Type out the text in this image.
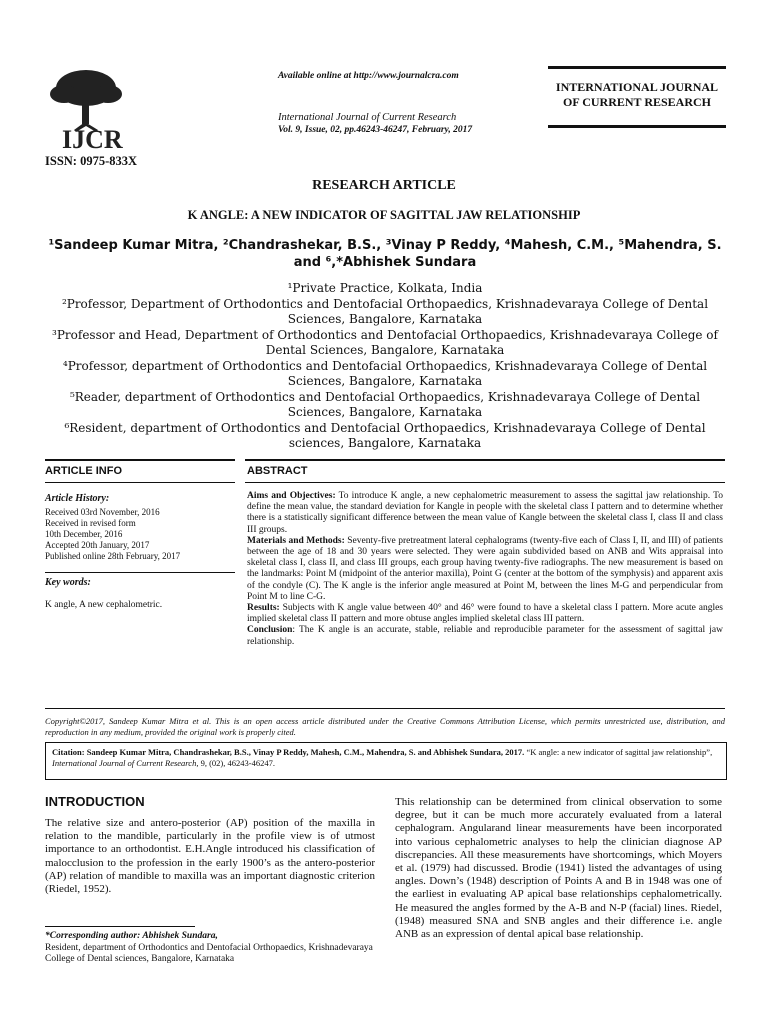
IJCR
Available online at http://www.journalcra.com
International Journal of Current Research
Vol. 9, Issue, 02, pp.46243-46247, February, 2017
INTERNATIONAL JOURNAL OF CURRENT RESEARCH
ISSN: 0975-833X
RESEARCH ARTICLE
K ANGLE: A NEW INDICATOR OF SAGITTAL JAW RELATIONSHIP
¹Sandeep Kumar Mitra, ²Chandrashekar, B.S., ³Vinay P Reddy, ⁴Mahesh, C.M., ⁵Mahendra, S. and ⁶,*Abhishek Sundara
¹Private Practice, Kolkata, India
²Professor, Department of Orthodontics and Dentofacial Orthopaedics, Krishnadevaraya College of Dental Sciences, Bangalore, Karnataka
³Professor and Head, Department of Orthodontics and Dentofacial Orthopaedics, Krishnadevaraya College of Dental Sciences, Bangalore, Karnataka
⁴Professor, department of Orthodontics and Dentofacial Orthopaedics, Krishnadevaraya College of Dental Sciences, Bangalore, Karnataka
⁵Reader, department of Orthodontics and Dentofacial Orthopaedics, Krishnadevaraya College of Dental Sciences, Bangalore, Karnataka
⁶Resident, department of Orthodontics and Dentofacial Orthopaedics, Krishnadevaraya College of Dental sciences, Bangalore, Karnataka
ARTICLE INFO	ABSTRACT
Article History:
Received 03rd November, 2016
Received in revised form
10th December, 2016
Accepted 20th January, 2017
Published online 28th February, 2017
Key words:
K angle, A new cephalometric.

Aims and Objectives: To introduce K angle, a new cephalometric measurement to assess the sagittal jaw relationship. To define the mean value, the standard deviation for Kangle in people with the skeletal class I pattern and to determine whether there is a statistically significant difference between the mean value of Kangle between the skeletal class I, class II and class III groups.

Materials and Methods: Seventy-five pretreatment lateral cephalograms (twenty-five each of Class I, II, and III) of patients between the age of 18 and 30 years were selected. They were again subdivided based on ANB and Wits appraisal into skeletal class I, class II, and class III groups, each group having twenty-five radiographs. The new measurement is based on the landmarks: Point M (midpoint of the anterior maxilla), Point G (center at the bottom of the symphysis) and apparent axis of the condyle (C). The K angle is the inferior angle measured at Point M, between the lines M-G and perpendicular from Point M to line C-G.

Results: Subjects with K angle value between 40° and 46° were found to have a skeletal class I pattern. More acute angles implied skeletal class II pattern and more obtuse angles implied skeletal class III pattern.

Conclusion: The K angle is an accurate, stable, reliable and reproducible parameter for the assessment of sagittal jaw relationship.

Copyright©2017, Sandeep Kumar Mitra et al. This is an open access article distributed under the Creative Commons Attribution License, which permits unrestricted use, distribution, and reproduction in any medium, provided the original work is properly cited.
Citation: Sandeep Kumar Mitra, Chandrashekar, B.S., Vinay P Reddy, Mahesh, C.M., Mahendra, S. and Abhishek Sundara, 2017. “K angle: a new indicator of sagittal jaw relationship”, International Journal of Current Research, 9, (02), 46243-46247.
INTRODUCTION
The relative size and antero-posterior (AP) position of the maxilla in relation to the mandible, particularly in the profile view is of utmost importance to an orthodontist. E.H.Angle introduced his classification of malocclusion to the profession in the early 1900’s as the antero-posterior (AP) relation of mandible to maxilla was an important diagnostic criterion (Riedel, 1952).
This relationship can be determined from clinical observation to some degree, but it can be much more accurately evaluated from a lateral cephalogram. Angularand linear measurements have been incorporated into various cephalometric analyses to help the clinician diagnose AP discrepancies. All these measurements have shortcomings, which Moyers et al. (1979) had discussed. Brodie (1941) listed the advantages of using angles. Down’s (1948) description of Points A and B in 1948 was one of the earliest in evaluating AP apical base relationships cephalometrically. He measured the angles formed by the A-B and N-P (facial) lines. Riedel, (1948) measured SNA and SNB angles and their difference i.e. angle ANB as an expression of dental apical base relationship.
*Corresponding author: Abhishek Sundara,
Resident, department of Orthodontics and Dentofacial Orthopaedics, Krishnadevaraya College of Dental sciences, Bangalore, Karnataka
